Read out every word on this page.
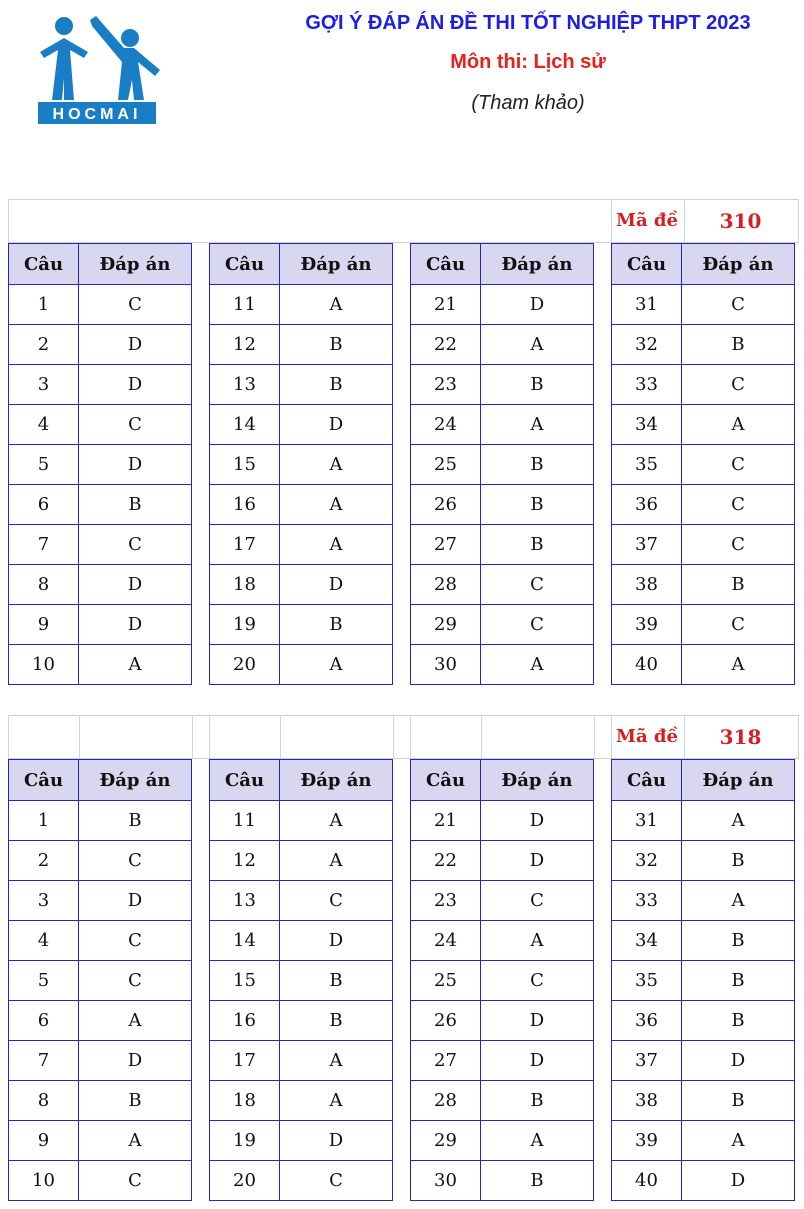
HOCMAI
GỢI Ý ĐÁP ÁN ĐỀ THI TỐT NGHIỆP THPT 2023
Môn thi: Lịch sử
(Tham khảo)
Mã đề	310
Câu	Đáp án
1	C
2	D
3	D
4	C
5	D
6	B
7	C
8	D
9	D
10	A
Câu	Đáp án
11	A
12	B
13	B
14	D
15	A
16	A
17	A
18	D
19	B
20	A
Câu	Đáp án
21	D
22	A
23	B
24	A
25	B
26	B
27	B
28	C
29	C
30	A
Câu	Đáp án
31	C
32	B
33	C
34	A
35	C
36	C
37	C
38	B
39	C
40	A
Mã đề	318
Câu	Đáp án
1	B
2	C
3	D
4	C
5	C
6	A
7	D
8	B
9	A
10	C
Câu	Đáp án
11	A
12	A
13	C
14	D
15	B
16	B
17	A
18	A
19	D
20	C
Câu	Đáp án
21	D
22	D
23	C
24	A
25	C
26	D
27	D
28	B
29	A
30	B
Câu	Đáp án
31	A
32	B
33	A
34	B
35	B
36	B
37	D
38	B
39	A
40	D
